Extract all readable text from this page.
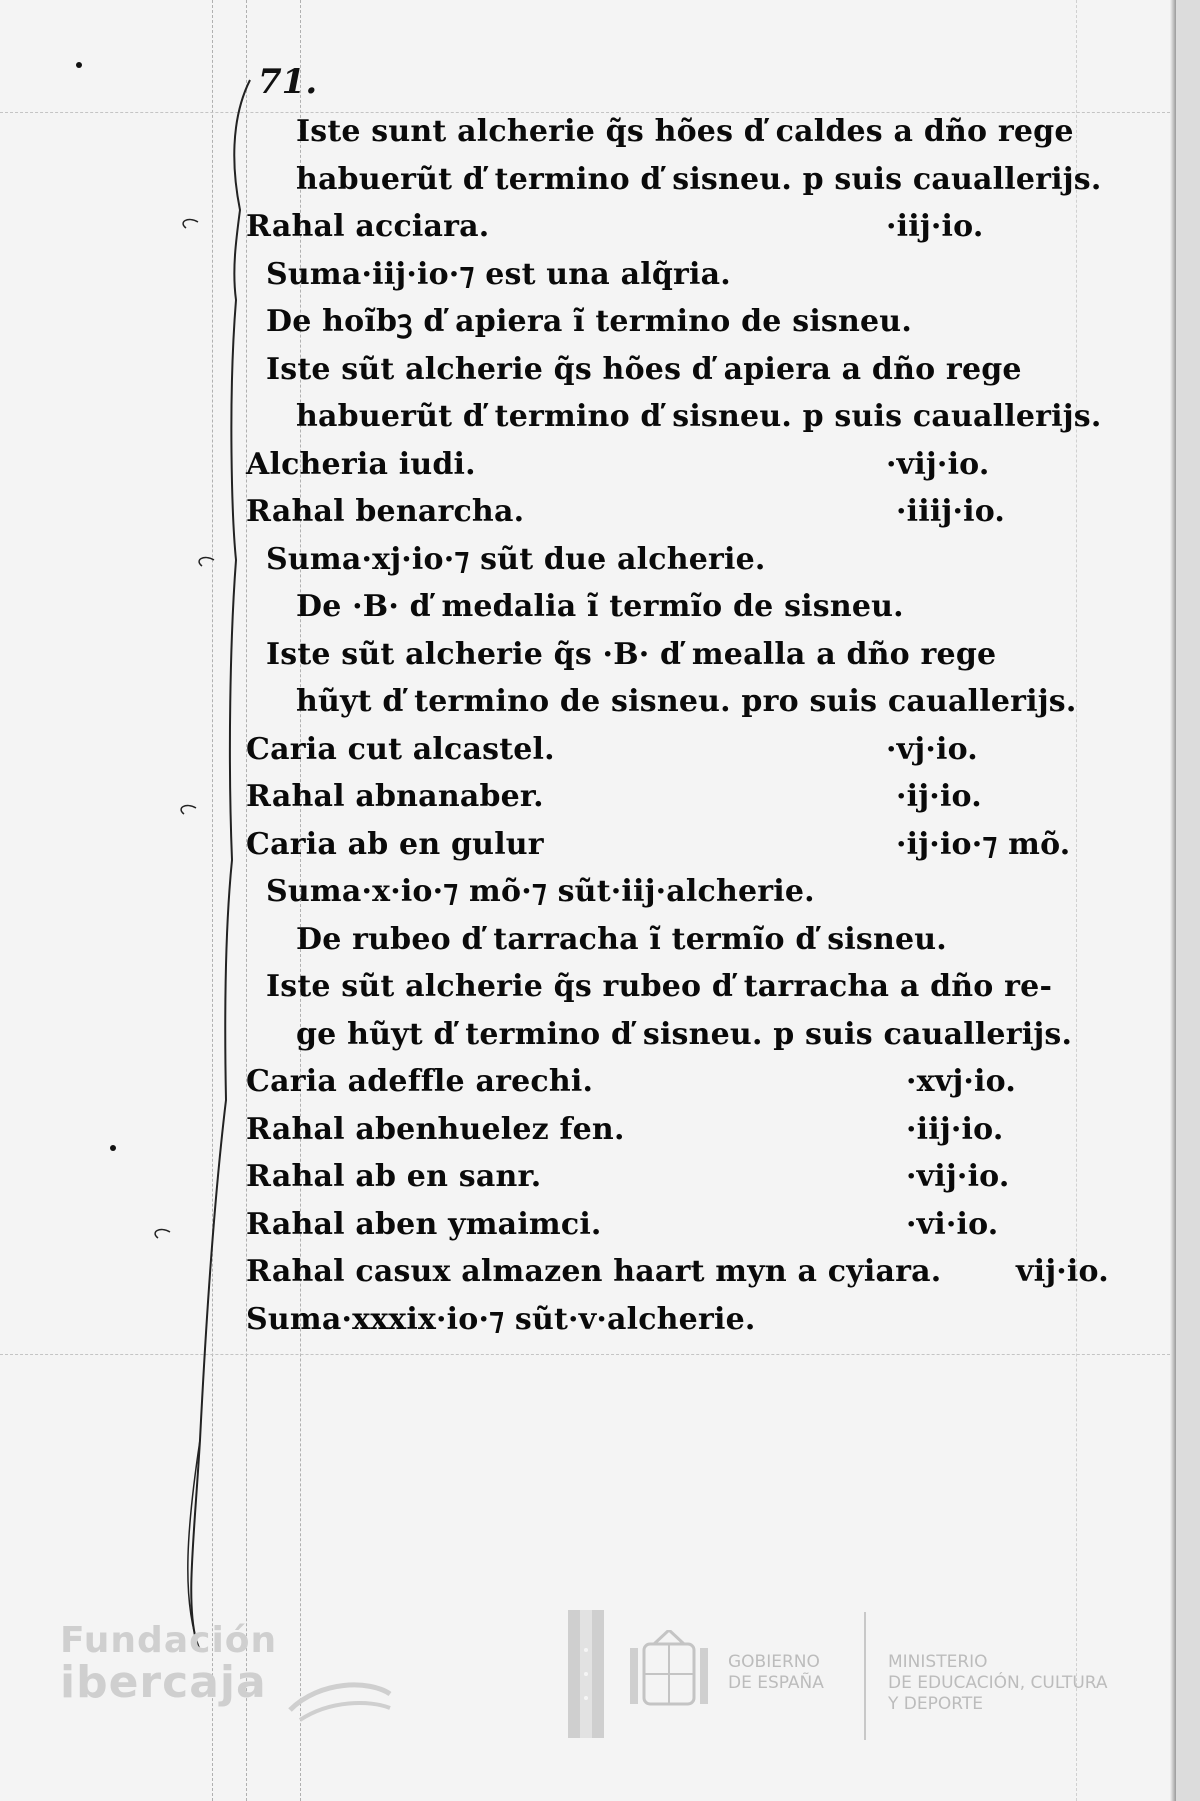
71.
Iste sunt alcherie q̃s hões ď caldes a dño rege
habuerũt ď termino ď sisneu. p suis cauallerijs.
Rahal acciara.	·iij·io.
Suma·iij·io·⁊ est una alq̃ria.
De hoĩbꝫ ď apiera ĩ termino de sisneu.
Iste sũt alcherie q̃s hões ď apiera a dño rege
habuerũt ď termino ď sisneu. p suis cauallerijs.
Alcheria iudi.	·vij·io.
Rahal benarcha.	·iiij·io.
Suma·xj·io·⁊ sũt due alcherie.
De ·B· ď medalia ĩ termĩo de sisneu.
Iste sũt alcherie q̃s ·B· ď mealla a dño rege
hũyt ď termino de sisneu. pro suis cauallerijs.
Caria cut alcastel.	·vj·io.
Rahal abnanaber.	·ij·io.
Caria ab en gulur	·ij·io·⁊ mõ.
Suma·x·io·⁊ mõ·⁊ sũt·iij·alcherie.
De rubeo ď tarracha ĩ termĩo ď sisneu.
Iste sũt alcherie q̃s rubeo ď tarracha a dño re-
ge hũyt ď termino ď sisneu. p suis cauallerijs.
Caria adeffle arechi.	·xvj·io.
Rahal abenhuelez fen.	·iij·io.
Rahal ab en sanr.	·vij·io.
Rahal aben ymaimci.	·vi·io.
Rahal casux almazen haart myn a cyiara. vij·io.
Suma·xxxix·io·⁊ sũt·v·alcherie.
Fundación
ibercaja	GOBIERNO
DE ESPAÑA
MINISTERIO
DE EDUCACIÓN, CULTURA
Y DEPORTE
